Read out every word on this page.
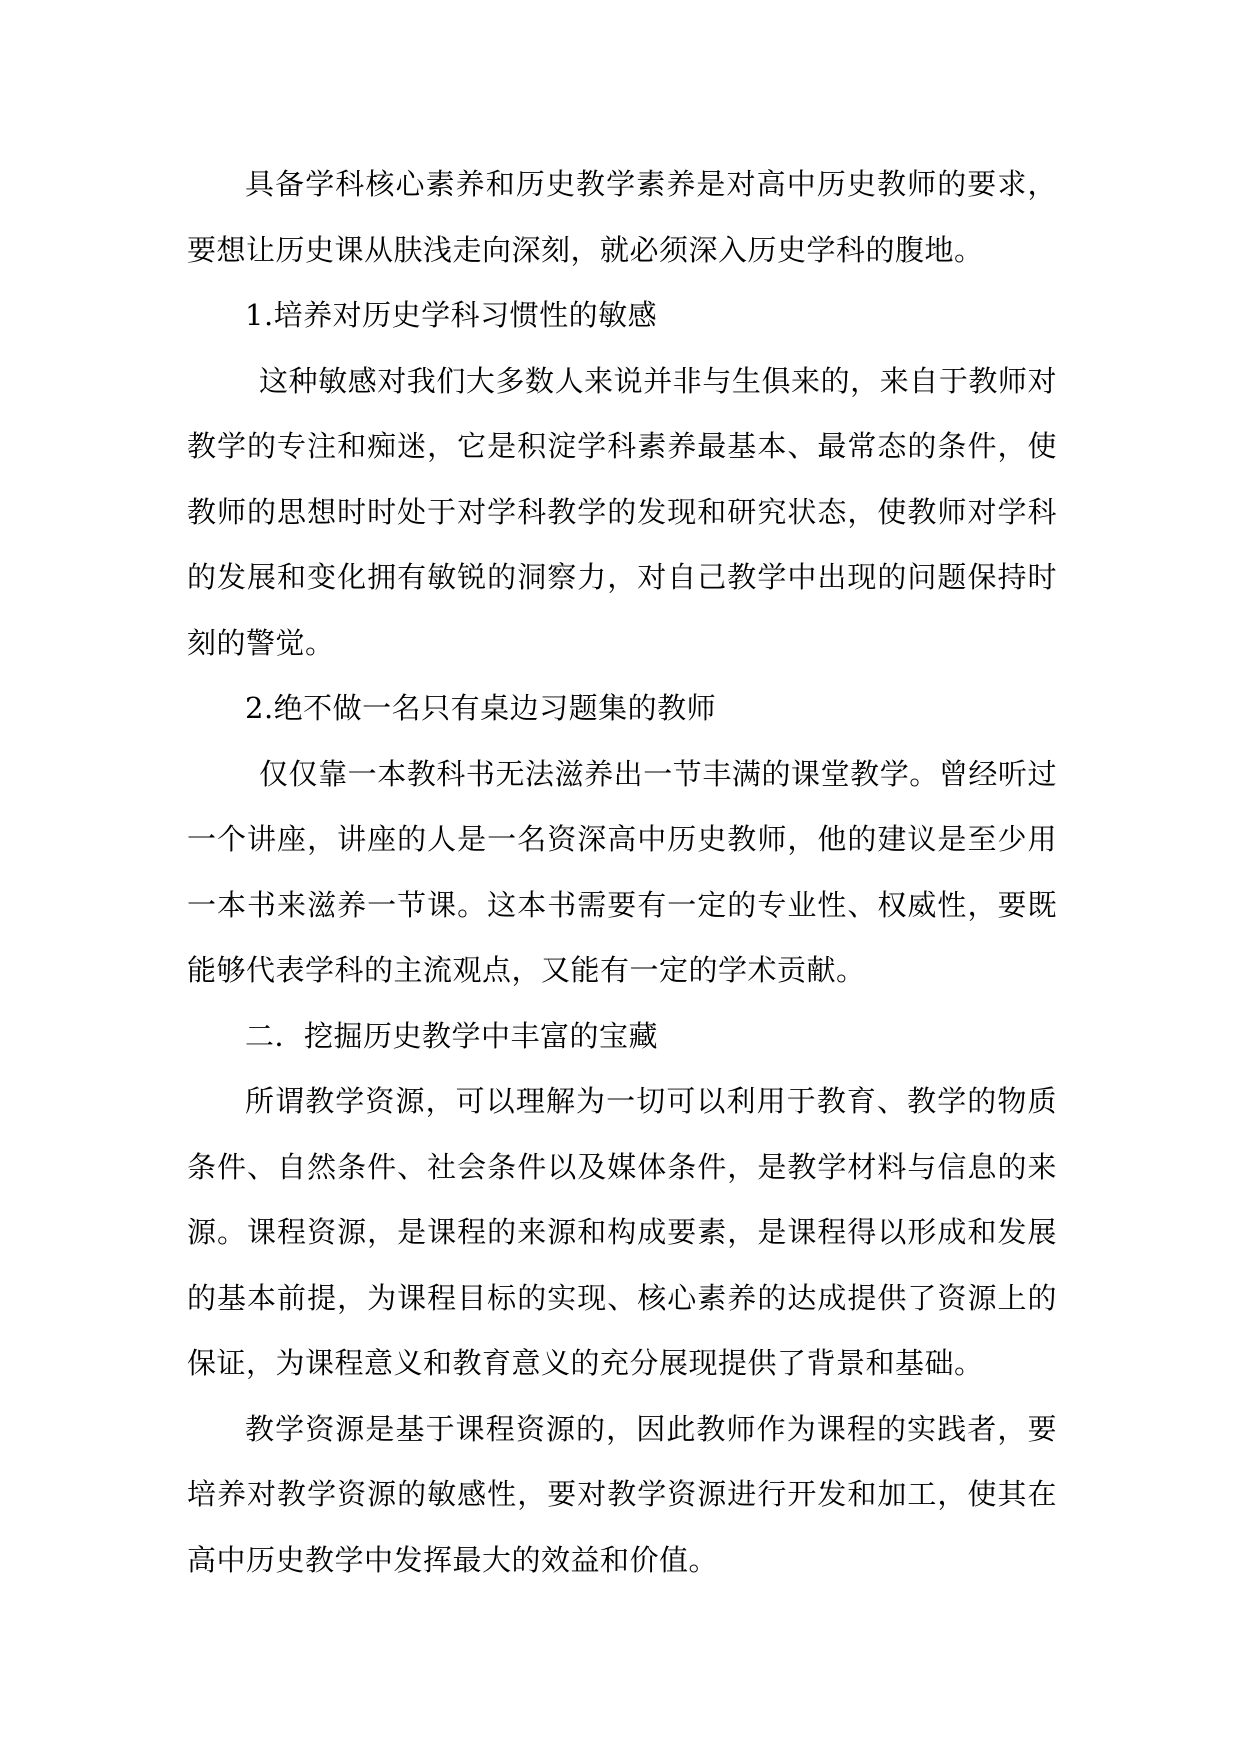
具备学科核心素养和历史教学素养是对高中历史教师的要求，要想让历史课从肤浅走向深刻，就必须深入历史学科的腹地。

1.培养对历史学科习惯性的敏感

这种敏感对我们大多数人来说并非与生俱来的，来自于教师对教学的专注和痴迷，它是积淀学科素养最基本、最常态的条件，使教师的思想时时处于对学科教学的发现和研究状态，使教师对学科的发展和变化拥有敏锐的洞察力，对自己教学中出现的问题保持时刻的警觉。

2.绝不做一名只有桌边习题集的教师

仅仅靠一本教科书无法滋养出一节丰满的课堂教学。曾经听过一个讲座，讲座的人是一名资深高中历史教师，他的建议是至少用一本书来滋养一节课。这本书需要有一定的专业性、权威性，要既能够代表学科的主流观点，又能有一定的学术贡献。

二．挖掘历史教学中丰富的宝藏

所谓教学资源，可以理解为一切可以利用于教育、教学的物质条件、自然条件、社会条件以及媒体条件，是教学材料与信息的来源。课程资源，是课程的来源和构成要素，是课程得以形成和发展的基本前提，为课程目标的实现、核心素养的达成提供了资源上的保证，为课程意义和教育意义的充分展现提供了背景和基础。

教学资源是基于课程资源的，因此教师作为课程的实践者，要培养对教学资源的敏感性，要对教学资源进行开发和加工，使其在高中历史教学中发挥最大的效益和价值。
